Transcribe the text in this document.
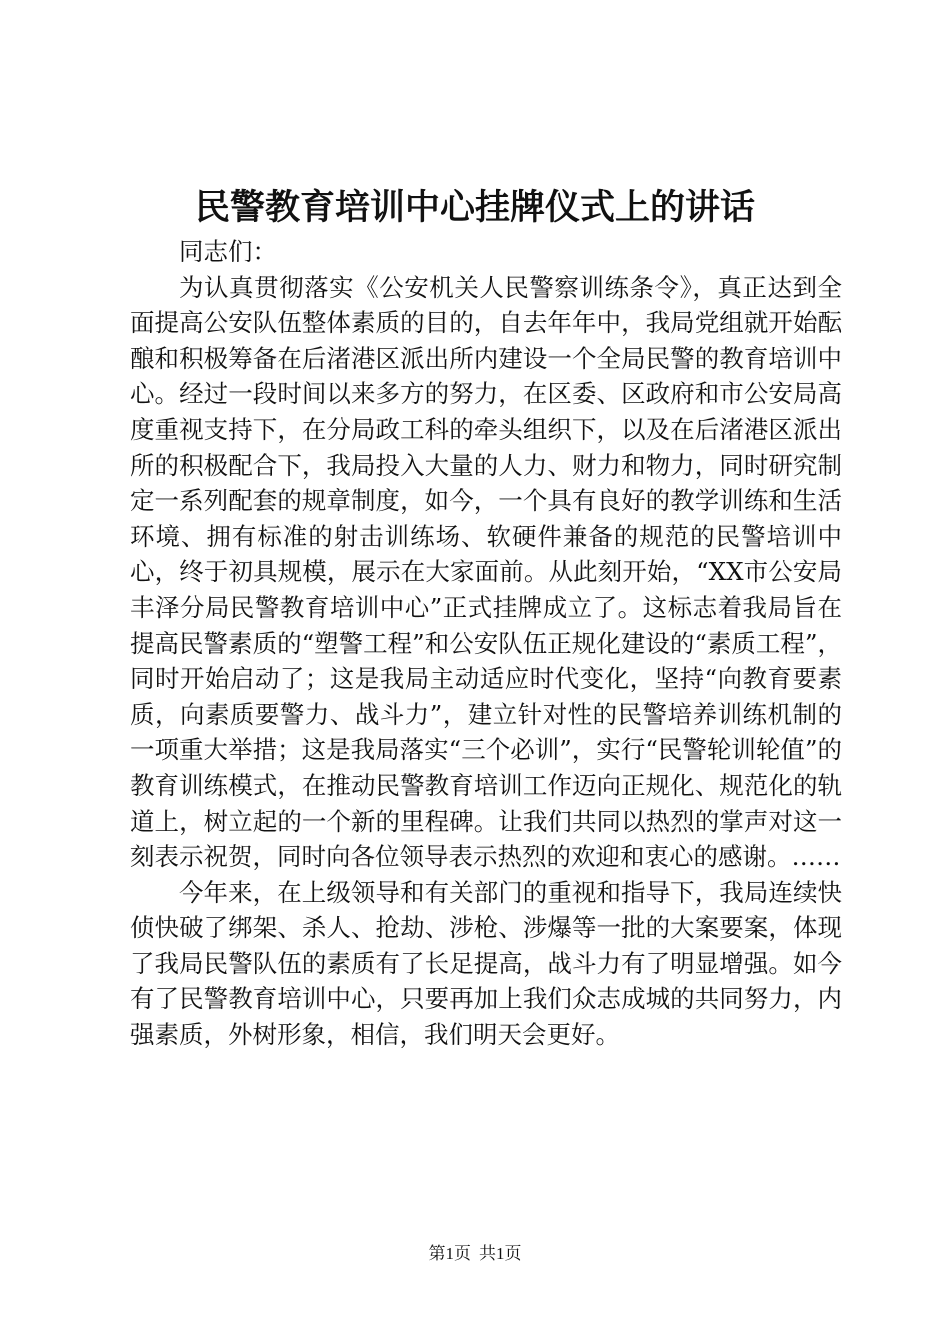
民警教育培训中心挂牌仪式上的讲话

同志们：

为认真贯彻落实《公安机关人民警察训练条令》，真正达到全面提高公安队伍整体素质的目的，自去年年中，我局党组就开始酝酿和积极筹备在后渚港区派出所内建设一个全局民警的教育培训中心。经过一段时间以来多方的努力，在区委、区政府和市公安局高度重视支持下，在分局政工科的牵头组织下，以及在后渚港区派出所的积极配合下，我局投入大量的人力、财力和物力，同时研究制定一系列配套的规章制度，如今，一个具有良好的教学训练和生活环境、拥有标准的射击训练场、软硬件兼备的规范的民警培训中心，终于初具规模，展示在大家面前。从此刻开始，“XX市公安局丰泽分局民警教育培训中心”正式挂牌成立了。这标志着我局旨在提高民警素质的“塑警工程”和公安队伍正规化建设的“素质工程”，同时开始启动了；这是我局主动适应时代变化，坚持“向教育要素质，向素质要警力、战斗力”，建立针对性的民警培养训练机制的一项重大举措；这是我局落实“三个必训”，实行“民警轮训轮值”的教育训练模式，在推动民警教育培训工作迈向正规化、规范化的轨道上，树立起的一个新的里程碑。让我们共同以热烈的掌声对这一刻表示祝贺，同时向各位领导表示热烈的欢迎和衷心的感谢。……

今年来，在上级领导和有关部门的重视和指导下，我局连续快侦快破了绑架、杀人、抢劫、涉枪、涉爆等一批的大案要案，体现了我局民警队伍的素质有了长足提高，战斗力有了明显增强。如今有了民警教育培训中心，只要再加上我们众志成城的共同努力，内强素质，外树形象，相信，我们明天会更好。

第1页 共1页
